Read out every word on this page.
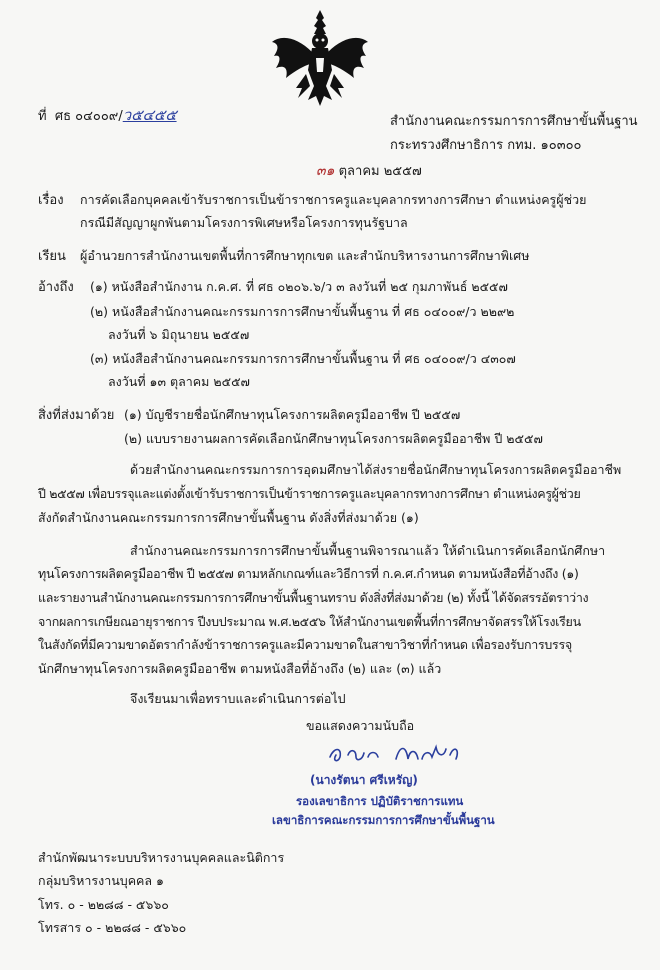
ที่ ศธ ๐๔๐๐๙/ว๕๔๕๕	สำนักงานคณะกรรมการการศึกษาขั้นพื้นฐาน
กระทรวงศึกษาธิการ กทม. ๑๐๓๐๐
๓๑ ตุลาคม ๒๕๕๗
เรื่อง การคัดเลือกบุคคลเข้ารับราชการเป็นข้าราชการครูและบุคลากรทางการศึกษา ตำแหน่งครูผู้ช่วย
กรณีมีสัญญาผูกพันตามโครงการพิเศษหรือโครงการทุนรัฐบาล
เรียน ผู้อำนวยการสำนักงานเขตพื้นที่การศึกษาทุกเขต และสำนักบริหารงานการศึกษาพิเศษ
อ้างถึง (๑) หนังสือสำนักงาน ก.ค.ศ. ที่ ศธ ๐๒๐๖.๖/ว ๓ ลงวันที่ ๒๕ กุมภาพันธ์ ๒๕๕๗
(๒) หนังสือสำนักงานคณะกรรมการการศึกษาขั้นพื้นฐาน ที่ ศธ ๐๔๐๐๙/ว ๒๒๙๒
ลงวันที่ ๖ มิถุนายน ๒๕๕๗
(๓) หนังสือสำนักงานคณะกรรมการการศึกษาขั้นพื้นฐาน ที่ ศธ ๐๔๐๐๙/ว ๔๓๐๗
ลงวันที่ ๑๓ ตุลาคม ๒๕๕๗
สิ่งที่ส่งมาด้วย (๑) บัญชีรายชื่อนักศึกษาทุนโครงการผลิตครูมืออาชีพ ปี ๒๕๕๗
(๒) แบบรายงานผลการคัดเลือกนักศึกษาทุนโครงการผลิตครูมืออาชีพ ปี ๒๕๕๗
ด้วยสำนักงานคณะกรรมการการอุดมศึกษาได้ส่งรายชื่อนักศึกษาทุนโครงการผลิตครูมืออาชีพ
ปี ๒๕๕๗ เพื่อบรรจุและแต่งตั้งเข้ารับราชการเป็นข้าราชการครูและบุคลากรทางการศึกษา ตำแหน่งครูผู้ช่วย
สังกัดสำนักงานคณะกรรมการการศึกษาขั้นพื้นฐาน ดังสิ่งที่ส่งมาด้วย (๑)
สำนักงานคณะกรรมการการศึกษาขั้นพื้นฐานพิจารณาแล้ว ให้ดำเนินการคัดเลือกนักศึกษา
ทุนโครงการผลิตครูมืออาชีพ ปี ๒๕๕๗ ตามหลักเกณฑ์และวิธีการที่ ก.ค.ศ.กำหนด ตามหนังสือที่อ้างถึง (๑)
และรายงานสำนักงานคณะกรรมการการศึกษาขั้นพื้นฐานทราบ ดังสิ่งที่ส่งมาด้วย (๒) ทั้งนี้ ได้จัดสรรอัตราว่าง
จากผลการเกษียณอายุราชการ ปีงบประมาณ พ.ศ.๒๕๕๖ ให้สำนักงานเขตพื้นที่การศึกษาจัดสรรให้โรงเรียน
ในสังกัดที่มีความขาดอัตรากำลังข้าราชการครูและมีความขาดในสาขาวิชาที่กำหนด เพื่อรองรับการบรรจุ
นักศึกษาทุนโครงการผลิตครูมืออาชีพ ตามหนังสือที่อ้างถึง (๒) และ (๓) แล้ว
จึงเรียนมาเพื่อทราบและดำเนินการต่อไป
ขอแสดงความนับถือ
(นางรัตนา ศรีเหรัญ)
รองเลขาธิการ ปฏิบัติราชการแทน
เลขาธิการคณะกรรมการการศึกษาขั้นพื้นฐาน
สำนักพัฒนาระบบบริหารงานบุคคลและนิติการ
กลุ่มบริหารงานบุคคล ๑
โทร. ๐ - ๒๒๘๘ - ๕๖๖๐
โทรสาร ๐ - ๒๒๘๘ - ๕๖๖๐
